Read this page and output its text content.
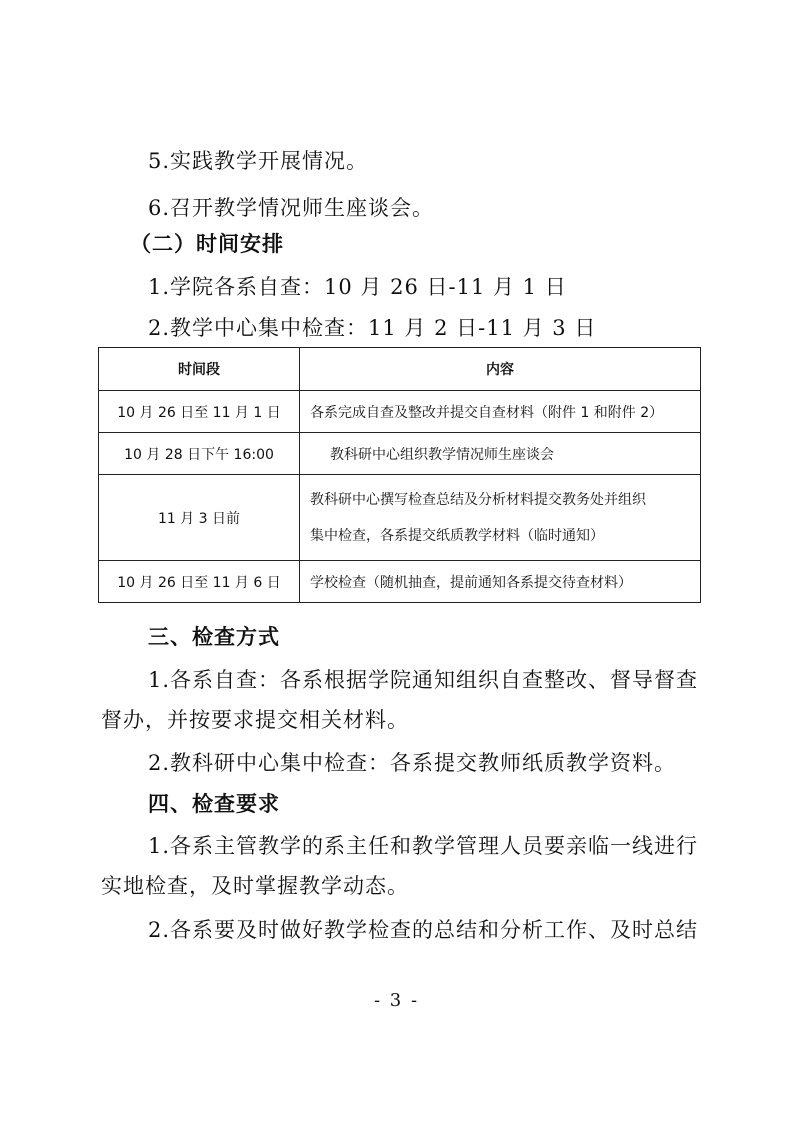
5.实践教学开展情况。
6.召开教学情况师生座谈会。
（二）时间安排
1.学院各系自查：10 月 26 日-11 月 1 日
2.教学中心集中检查：11 月 2 日-11 月 3 日
时间段	内容
10 月 26 日至 11 月 1 日	各系完成自查及整改并提交自查材料（附件 1 和附件 2）
10 月 28 日下午 16:00	教科研中心组织教学情况师生座谈会
11 月 3 日前	教科研中心撰写检查总结及分析材料提交教务处并组织
集中检查，各系提交纸质教学材料（临时通知）

10 月 26 日至 11 月 6 日	学校检查（随机抽查，提前通知各系提交待查材料）
三、检查方式
1.各系自查：各系根据学院通知组织自查整改、督导督查
督办，并按要求提交相关材料。
2.教科研中心集中检查：各系提交教师纸质教学资料。
四、检查要求
1.各系主管教学的系主任和教学管理人员要亲临一线进行
实地检查，及时掌握教学动态。
2.各系要及时做好教学检查的总结和分析工作、及时总结
- 3 -
